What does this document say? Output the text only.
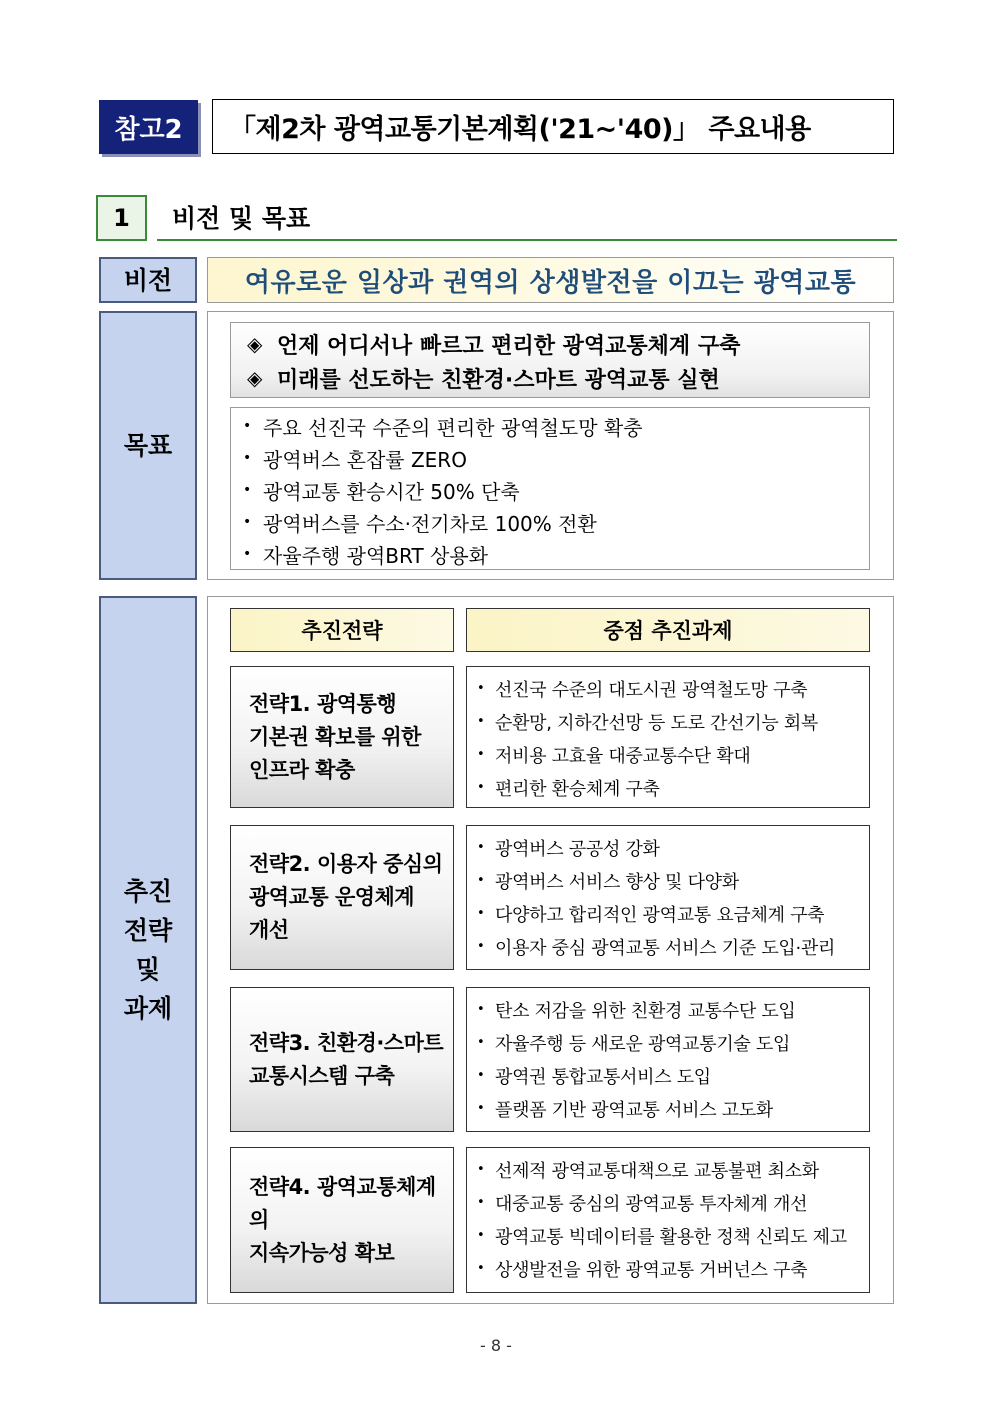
참고2	「제2차 광역교통기본계획('21~'40)」 주요내용
1	비전 및 목표
비전	여유로운 일상과 권역의 상생발전을 이끄는 광역교통
목표
◈ 언제 어디서나 빠르고 편리한 광역교통체계 구축
◈ 미래를 선도하는 친환경·스마트 광역교통 실현
• 주요 선진국 수준의 편리한 광역철도망 확충
• 광역버스 혼잡률 ZERO
• 광역교통 환승시간 50% 단축
• 광역버스를 수소·전기차로 100% 전환
• 자율주행 광역BRT 상용화
추진
전략
및
과제
추진전략	중점 추진과제
전략1. 광역통행
기본권 확보를 위한
인프라 확충
• 선진국 수준의 대도시권 광역철도망 구축
• 순환망, 지하간선망 등 도로 간선기능 회복
• 저비용 고효율 대중교통수단 확대
• 편리한 환승체계 구축
전략2. 이용자 중심의
광역교통 운영체계
개선
• 광역버스 공공성 강화
• 광역버스 서비스 향상 및 다양화
• 다양하고 합리적인 광역교통 요금체계 구축
• 이용자 중심 광역교통 서비스 기준 도입·관리
전략3. 친환경·스마트
교통시스템 구축
• 탄소 저감을 위한 친환경 교통수단 도입
• 자율주행 등 새로운 광역교통기술 도입
• 광역권 통합교통서비스 도입
• 플랫폼 기반 광역교통 서비스 고도화
전략4. 광역교통체계의
지속가능성 확보
• 선제적 광역교통대책으로 교통불편 최소화
• 대중교통 중심의 광역교통 투자체계 개선
• 광역교통 빅데이터를 활용한 정책 신뢰도 제고
• 상생발전을 위한 광역교통 거버넌스 구축
- 8 -
